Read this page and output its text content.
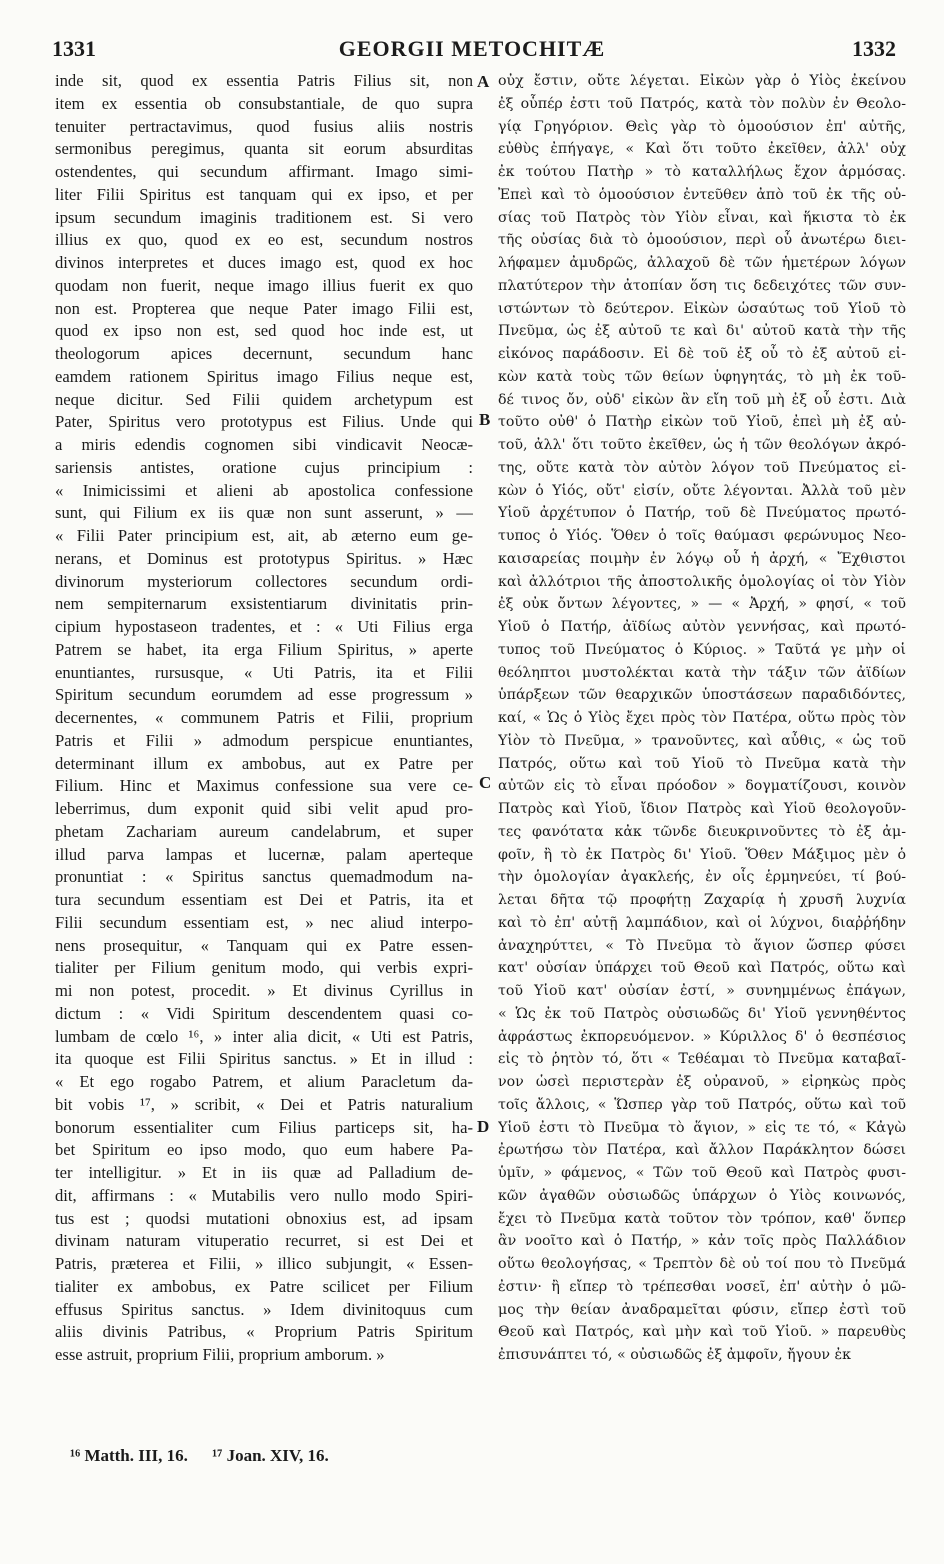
1331	GEORGII METOCHITÆ	1332
inde sit, quod ex essentia Patris Filius sit, non
item ex essentia ob consubstantiale, de quo supra
tenuiter pertractavimus, quod fusius aliis nostris
sermonibus peregimus, quanta sit eorum absurditas
ostendentes, qui secundum affirmant. Imago simi-
liter Filii Spiritus est tanquam qui ex ipso, et per
ipsum secundum imaginis traditionem est. Si vero
illius ex quo, quod ex eo est, secundum nostros
divinos interpretes et duces imago est, quod ex hoc
quodam non fuerit, neque imago illius fuerit ex quo
non est. Propterea que neque Pater imago Filii est,
quod ex ipso non est, sed quod hoc inde est, ut
theologorum apices decernunt, secundum hanc
eamdem rationem Spiritus imago Filius neque est,
neque dicitur. Sed Filii quidem archetypum est
Pater, Spiritus vero prototypus est Filius. Unde qui
a miris edendis cognomen sibi vindicavit Neocæ-
sariensis antistes, oratione cujus principium :
« Inimicissimi et alieni ab apostolica confessione
sunt, qui Filium ex iis quæ non sunt asserunt, » —
« Filii Pater principium est, ait, ab æterno eum ge-
nerans, et Dominus est prototypus Spiritus. » Hæc
divinorum mysteriorum collectores secundum ordi-
nem sempiternarum exsistentiarum divinitatis prin-
cipium hypostaseon tradentes, et : « Uti Filius erga
Patrem se habet, ita erga Filium Spiritus, » aperte
enuntiantes, rursusque, « Uti Patris, ita et Filii
Spiritum secundum eorumdem ad esse progressum »
decernentes, « communem Patris et Filii, proprium
Patris et Filii » admodum perspicue enuntiantes,
determinant illum ex ambobus, aut ex Patre per
Filium. Hinc et Maximus confessione sua vere ce-
leberrimus, dum exponit quid sibi velit apud pro-
phetam Zachariam aureum candelabrum, et super
illud parva lampas et lucernæ, palam aperteque
pronuntiat : « Spiritus sanctus quemadmodum na-
tura secundum essentiam est Dei et Patris, ita et
Filii secundum essentiam est, » nec aliud interpo-
nens prosequitur, « Tanquam qui ex Patre essen-
tialiter per Filium genitum modo, qui verbis expri-
mi non potest, procedit. » Et divinus Cyrillus in
dictum : « Vidi Spiritum descendentem quasi co-
lumbam de cœlo ¹⁶, » inter alia dicit, « Uti est Patris,
ita quoque est Filii Spiritus sanctus. » Et in illud :
« Et ego rogabo Patrem, et alium Paracletum da-
bit vobis ¹⁷, » scribit, « Dei et Patris naturalium
bonorum essentialiter cum Filius particeps sit, ha-
bet Spiritum eo ipso modo, quo eum habere Pa-
ter intelligitur. » Et in iis quæ ad Palladium de-
dit, affirmans : « Mutabilis vero nullo modo Spiri-
tus est ; quodsi mutationi obnoxius est, ad ipsam
divinam naturam vituperatio recurret, si est Dei et
Patris, præterea et Filii, » illico subjungit, « Essen-
tialiter ex ambobus, ex Patre scilicet per Filium
effusus Spiritus sanctus. » Idem divinitoquus cum
aliis divinis Patribus, « Proprium Patris Spiritum
esse astruit, proprium Filii, proprium amborum. »
οὐχ ἔστιν, οὔτε λέγεται. Εἰκὼν γὰρ ὁ Υἱὸς ἐκείνου
ἐξ οὗπέρ ἐστι τοῦ Πατρός, κατὰ τὸν πολὺν ἐν Θεολο-
γίᾳ Γρηγόριον. Θεὶς γὰρ τὸ ὁμοούσιον ἐπ' αὐτῆς,
εὐθὺς ἐπήγαγε, « Καὶ ὅτι τοῦτο ἐκεῖθεν, ἀλλ' οὐχ
ἐκ τούτου Πατὴρ » τὸ καταλλήλως ἔχον ἁρμόσας.
Ἐπεὶ καὶ τὸ ὁμοούσιον ἐντεῦθεν ἀπὸ τοῦ ἐκ τῆς οὐ-
σίας τοῦ Πατρὸς τὸν Υἱὸν εἶναι, καὶ ἥκιστα τὸ ἐκ
τῆς οὐσίας διὰ τὸ ὁμοούσιον, περὶ οὗ ἀνωτέρω διει-
λήφαμεν ἀμυδρῶς, ἀλλαχοῦ δὲ τῶν ἡμετέρων λόγων
πλατύτερον τὴν ἀτοπίαν ὅση τις δεδειχότες τῶν συν-
ιστώντων τὸ δεύτερον. Εἰκὼν ὡσαύτως τοῦ Υἱοῦ τὸ
Πνεῦμα, ὡς ἐξ αὐτοῦ τε καὶ δι' αὐτοῦ κατὰ τὴν τῆς
εἰκόνος παράδοσιν. Εἰ δὲ τοῦ ἐξ οὗ τὸ ἐξ αὐτοῦ εἰ-
κὼν κατὰ τοὺς τῶν θείων ὑφηγητάς, τὸ μὴ ἐκ τοῦ-
δέ τινος ὄν, οὐδ' εἰκὼν ἂν εἴη τοῦ μὴ ἐξ οὗ ἐστι. Διὰ
τοῦτο οὐθ' ὁ Πατὴρ εἰκὼν τοῦ Υἱοῦ, ἐπεὶ μὴ ἐξ αὐ-
τοῦ, ἀλλ' ὅτι τοῦτο ἐκεῖθεν, ὡς ἡ τῶν θεολόγων ἀκρό-
της, οὔτε κατὰ τὸν αὐτὸν λόγον τοῦ Πνεύματος εἰ-
κὼν ὁ Υἱός, οὔτ' εἰσίν, οὔτε λέγονται. Ἀλλὰ τοῦ μὲν
Υἱοῦ ἀρχέτυπον ὁ Πατήρ, τοῦ δὲ Πνεύματος πρωτό-
τυπος ὁ Υἱός. Ὅθεν ὁ τοῖς θαύμασι φερώνυμος Νεο-
καισαρείας ποιμὴν ἐν λόγῳ οὗ ἡ ἀρχή, « Ἔχθιστοι
καὶ ἀλλότριοι τῆς ἀποστολικῆς ὁμολογίας οἱ τὸν Υἱὸν
ἐξ οὐκ ὄντων λέγοντες, » — « Ἀρχή, » φησί, « τοῦ
Υἱοῦ ὁ Πατήρ, ἀϊδίως αὐτὸν γεννήσας, καὶ πρωτό-
τυπος τοῦ Πνεύματος ὁ Κύριος. » Ταῦτά γε μὴν οἱ
θεόληπτοι μυστολέκται κατὰ τὴν τάξιν τῶν ἀϊδίων
ὑπάρξεων τῶν θεαρχικῶν ὑποστάσεων παραδιδόντες,
καί, « Ὡς ὁ Υἱὸς ἔχει πρὸς τὸν Πατέρα, οὕτω πρὸς τὸν
Υἱὸν τὸ Πνεῦμα, » τρανοῦντες, καὶ αὖθις, « ὡς τοῦ
Πατρός, οὕτω καὶ τοῦ Υἱοῦ τὸ Πνεῦμα κατὰ τὴν
αὐτῶν εἰς τὸ εἶναι πρόοδον » δογματίζουσι, κοινὸν
Πατρὸς καὶ Υἱοῦ, ἴδιον Πατρὸς καὶ Υἱοῦ θεολογοῦν-
τες φανότατα κἀκ τῶνδε διευκρινοῦντες τὸ ἐξ ἀμ-
φοῖν, ἢ τὸ ἐκ Πατρὸς δι' Υἱοῦ. Ὅθεν Μάξιμος μὲν ὁ
τὴν ὁμολογίαν ἀγακλεής, ἐν οἷς ἑρμηνεύει, τί βού-
λεται δῆτα τῷ προφήτῃ Ζαχαρίᾳ ἡ χρυσῆ λυχνία
καὶ τὸ ἐπ' αὐτῇ λαμπάδιον, καὶ οἱ λύχνοι, διαῤῥήδην
ἀναχηρύττει, « Τὸ Πνεῦμα τὸ ἅγιον ὥσπερ φύσει
κατ' οὐσίαν ὑπάρχει τοῦ Θεοῦ καὶ Πατρός, οὕτω καὶ
τοῦ Υἱοῦ κατ' οὐσίαν ἐστί, » συνημμένως ἐπάγων,
« Ὡς ἐκ τοῦ Πατρὸς οὐσιωδῶς δι' Υἱοῦ γεννηθέντος
ἀφράστως ἐκπορευόμενον. » Κύριλλος δ' ὁ θεσπέσιος
εἰς τὸ ῥητὸν τό, ὅτι « Τεθέαμαι τὸ Πνεῦμα καταβαῖ-
νον ὡσεὶ περιστερὰν ἐξ οὐρανοῦ, » εἰρηκὼς πρὸς
τοῖς ἄλλοις, « Ὥσπερ γὰρ τοῦ Πατρός, οὕτω καὶ τοῦ
Υἱοῦ ἐστι τὸ Πνεῦμα τὸ ἅγιον, » εἰς τε τό, « Κἀγὼ
ἐρωτήσω τὸν Πατέρα, καὶ ἄλλον Παράκλητον δώσει
ὑμῖν, » φάμενος, « Τῶν τοῦ Θεοῦ καὶ Πατρὸς φυσι-
κῶν ἀγαθῶν οὐσιωδῶς ὑπάρχων ὁ Υἱὸς κοινωνός,
ἔχει τὸ Πνεῦμα κατὰ τοῦτον τὸν τρόπον, καθ' ὅνπερ
ἂν νοοῖτο καὶ ὁ Πατήρ, » κἀν τοῖς πρὸς Παλλάδιον
οὕτω θεολογήσας, « Τρεπτὸν δὲ οὐ τοί που τὸ Πνεῦμά
ἐστιν· ἢ εἴπερ τὸ τρέπεσθαι νοσεῖ, ἐπ' αὐτὴν ὁ μῶ-
μος τὴν θείαν ἀναδραμεῖται φύσιν, εἴπερ ἐστὶ τοῦ
Θεοῦ καὶ Πατρός, καὶ μὴν καὶ τοῦ Υἱοῦ. » παρευθὺς
ἐπισυνάπτει τό, « οὐσιωδῶς ἐξ ἀμφοῖν, ἤγουν ἐκ
A
B
C
D
¹⁶ Matth. III, 16. ¹⁷ Joan. XIV, 16.
